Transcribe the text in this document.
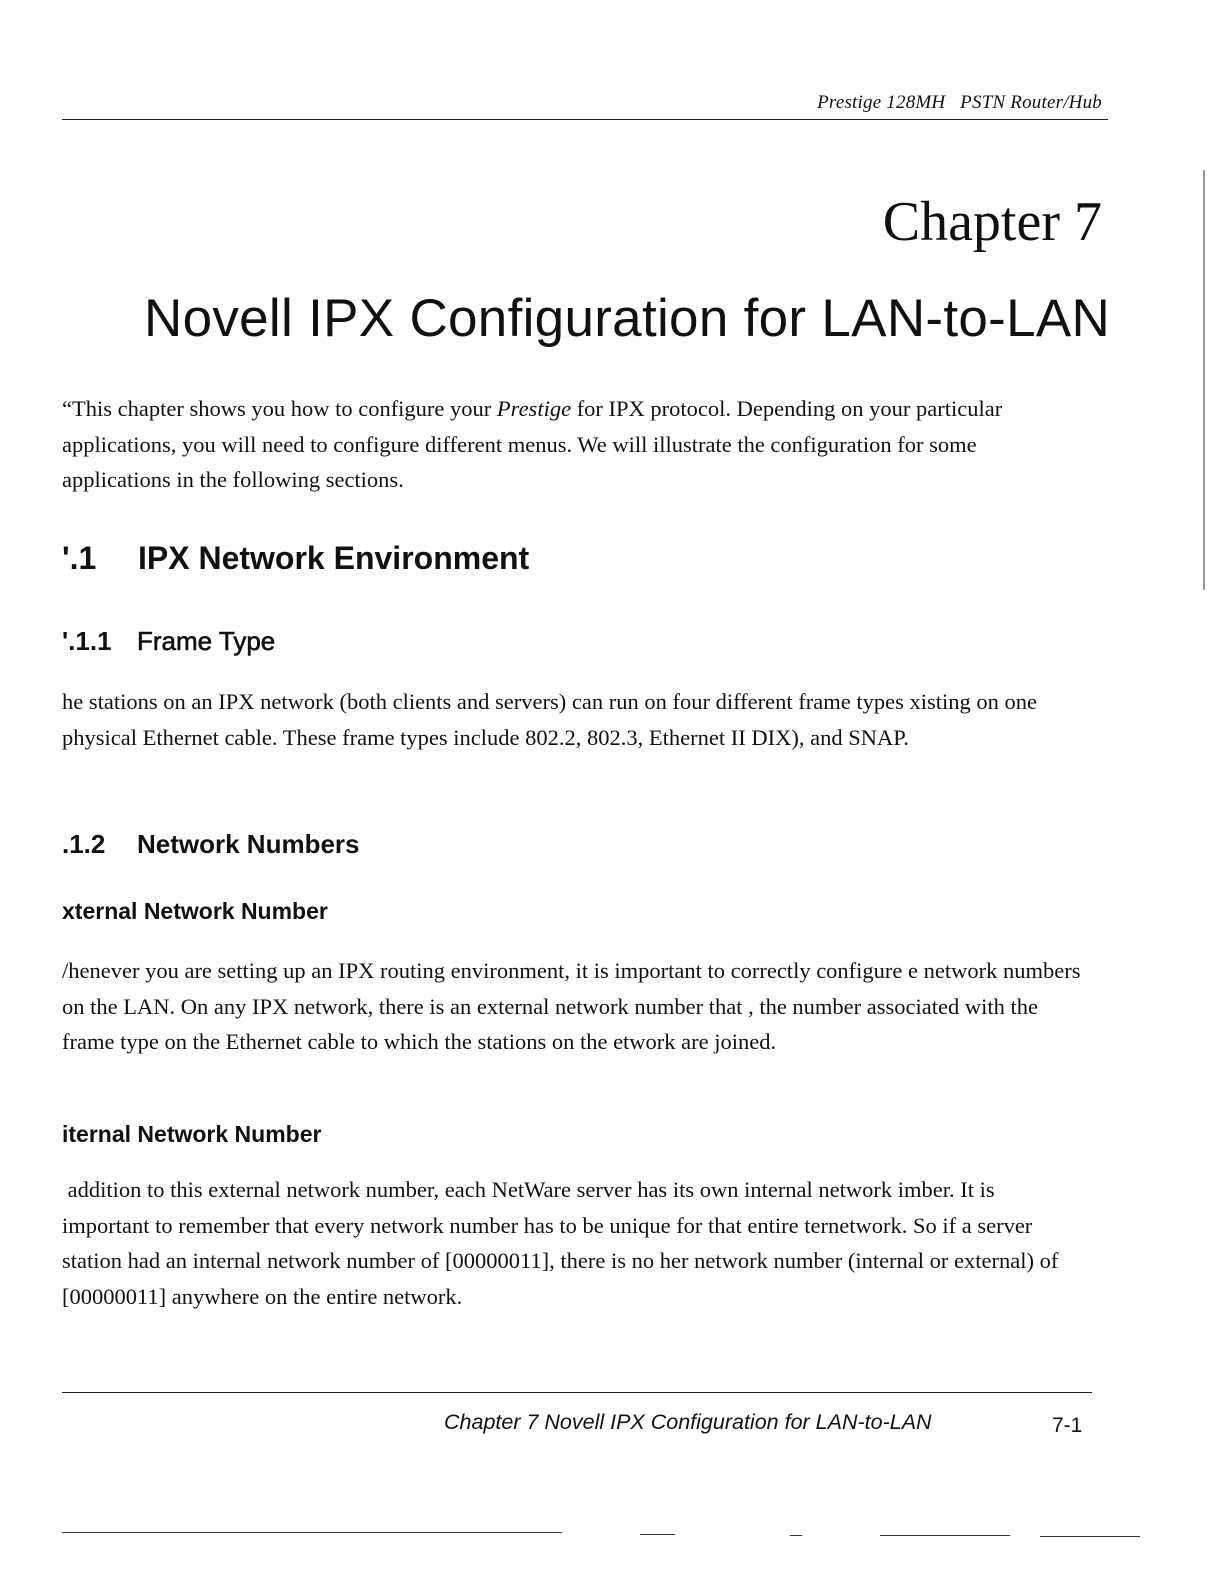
Prestige 128MH   PSTN Router/Hub
Chapter 7
Novell IPX Configuration for LAN-to-LAN

“This chapter shows you how to configure your Prestige for IPX protocol. Depending on your particular applications, you will need to configure different menus. We will illustrate the configuration for some applications in the following sections.

'.1 IPX Network Environment
'.1.1 Frame Type

he stations on an IPX network (both clients and servers) can run on four different frame types xisting on one physical Ethernet cable. These frame types include 802.2, 802.3, Ethernet II DIX), and SNAP.

.1.2 Network Numbers
xternal Network Number

/henever you are setting up an IPX routing environment, it is important to correctly configure e network numbers on the LAN. On any IPX network, there is an external network number that , the number associated with the frame type on the Ethernet cable to which the stations on the etwork are joined.

iternal Network Number

addition to this external network number, each NetWare server has its own internal network imber. It is important to remember that every network number has to be unique for that entire ternetwork. So if a server station had an internal network number of [00000011], there is no her network number (internal or external) of [00000011] anywhere on the entire network.

Chapter 7 Novell IPX Configuration for LAN-to-LAN	7-1
